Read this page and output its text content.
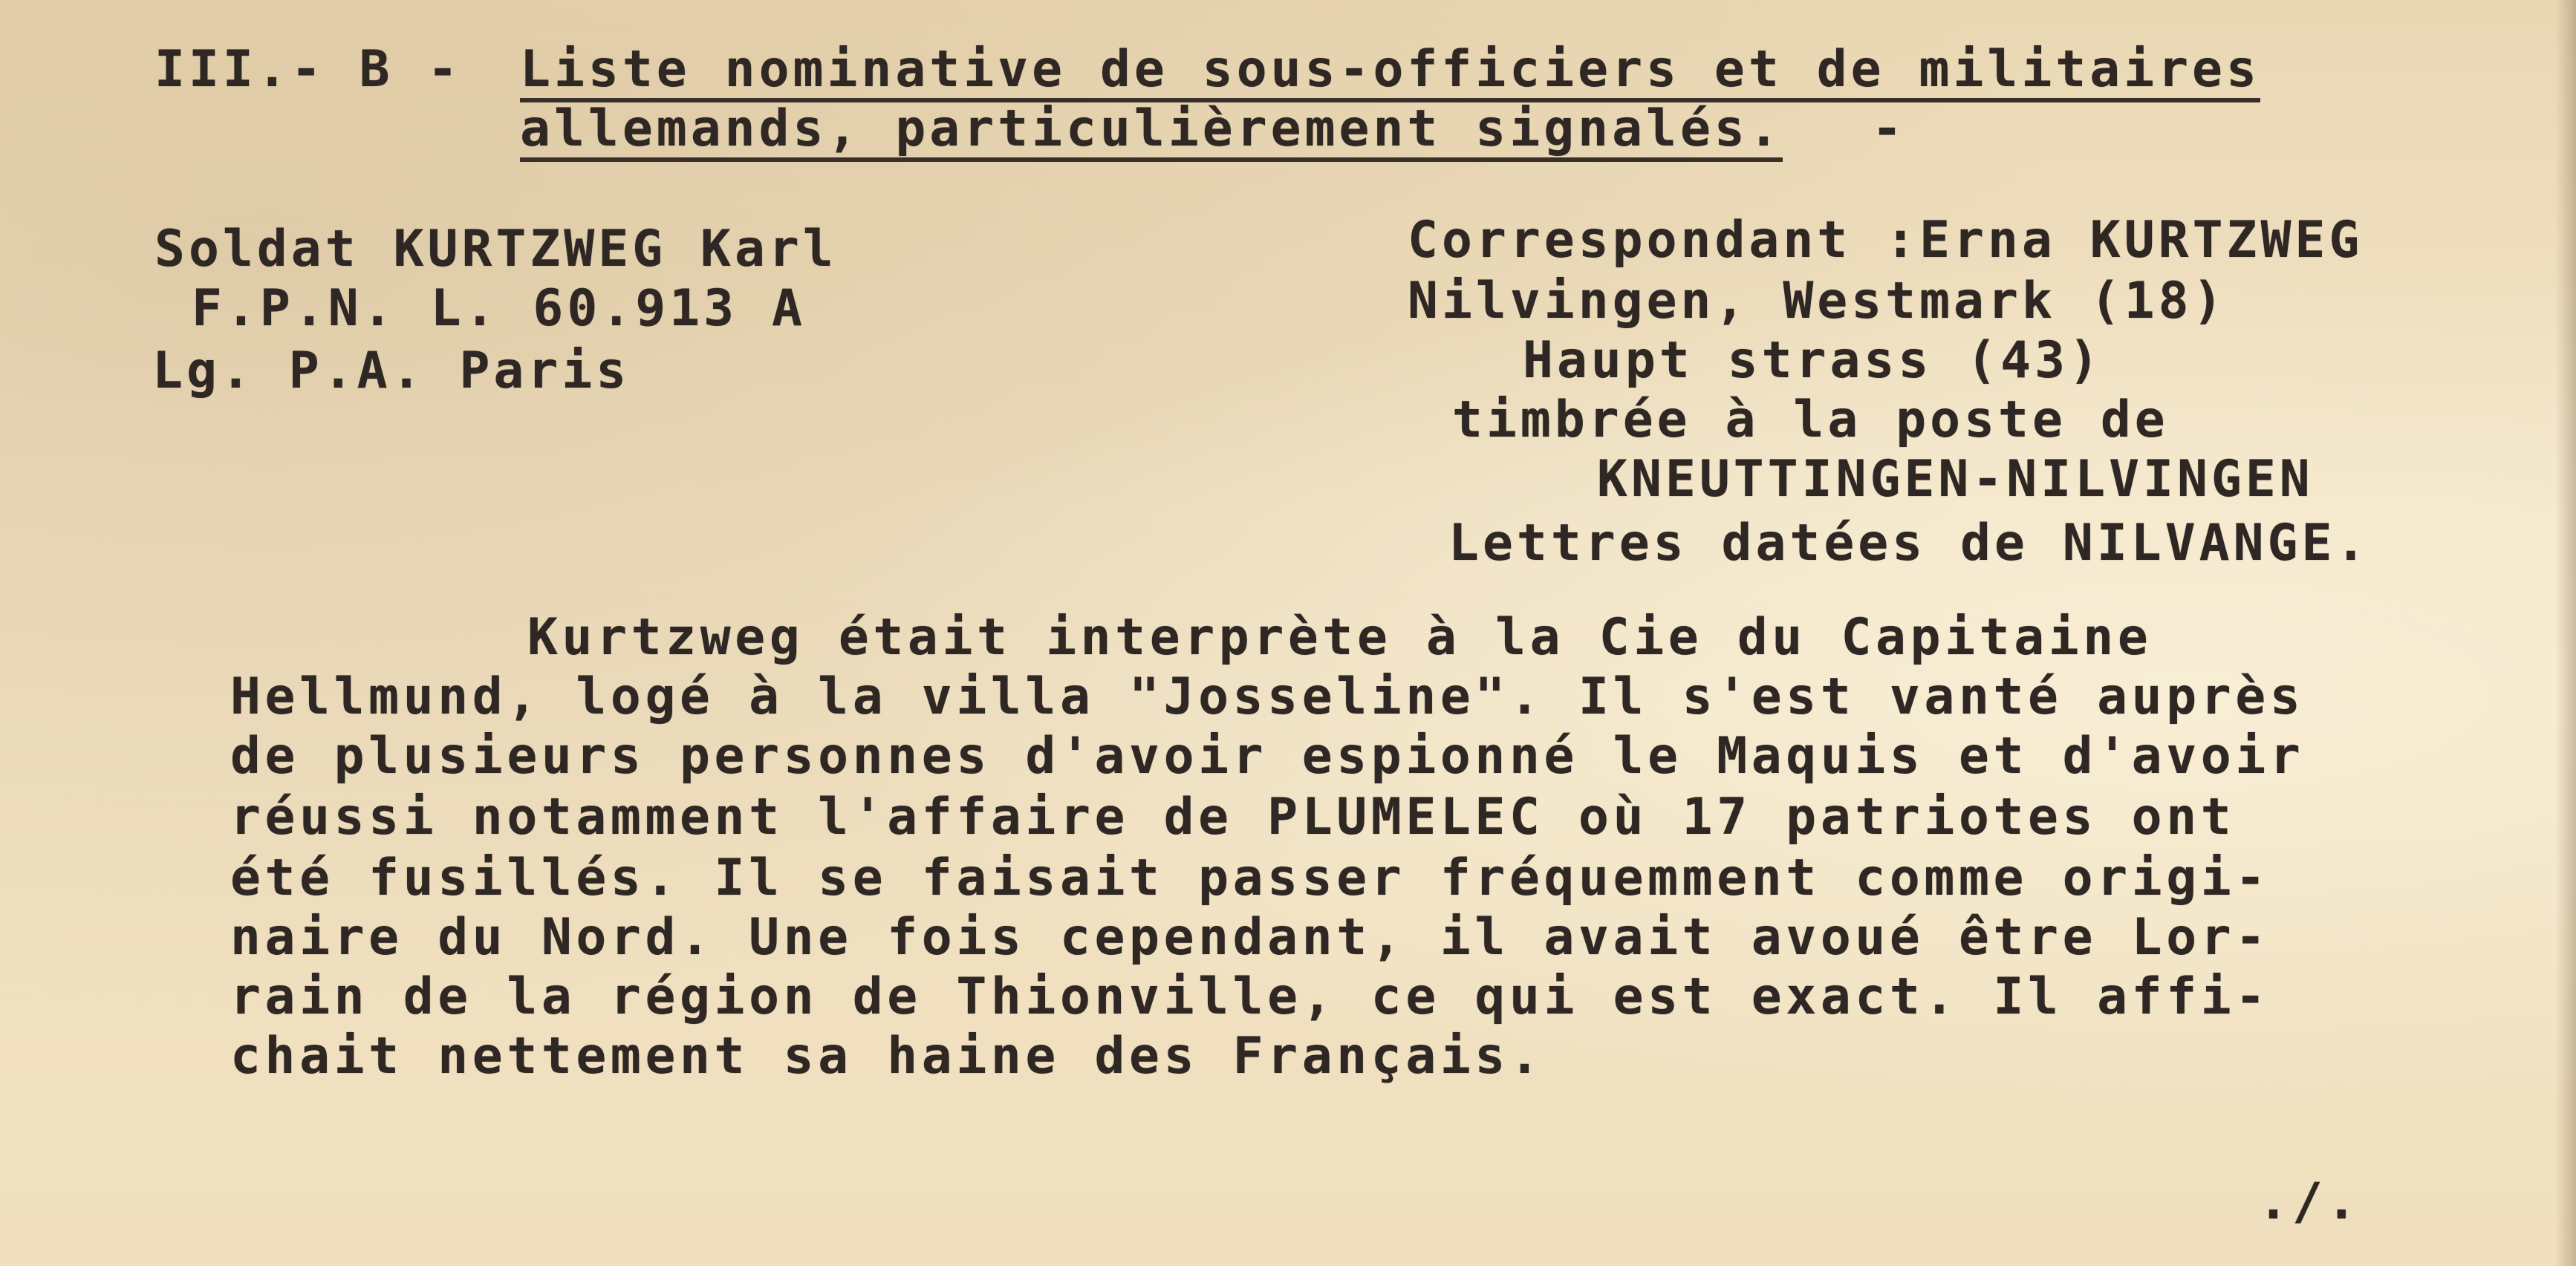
III.- B - Liste nominative de sous-officiers et de militaires
allemands, particulièrement signalés. -
Soldat KURTZWEG Karl
F.P.N. L. 60.913 A
Lg. P.A. Paris
Correspondant :Erna KURTZWEG
Nilvingen, Westmark (18)
Haupt strass (43)
timbrée à la poste de
KNEUTTINGEN-NILVINGEN
Lettres datées de NILVANGE.
Kurtzweg était interprète à la Cie du Capitaine
Hellmund, logé à la villa "Josseline". Il s'est vanté auprès
de plusieurs personnes d'avoir espionné le Maquis et d'avoir
réussi notamment l'affaire de PLUMELEC où 17 patriotes ont
été fusillés. Il se faisait passer fréquemment comme origi-
naire du Nord. Une fois cependant, il avait avoué être Lor-
rain de la région de Thionville, ce qui est exact. Il affi-
chait nettement sa haine des Français.
./.
